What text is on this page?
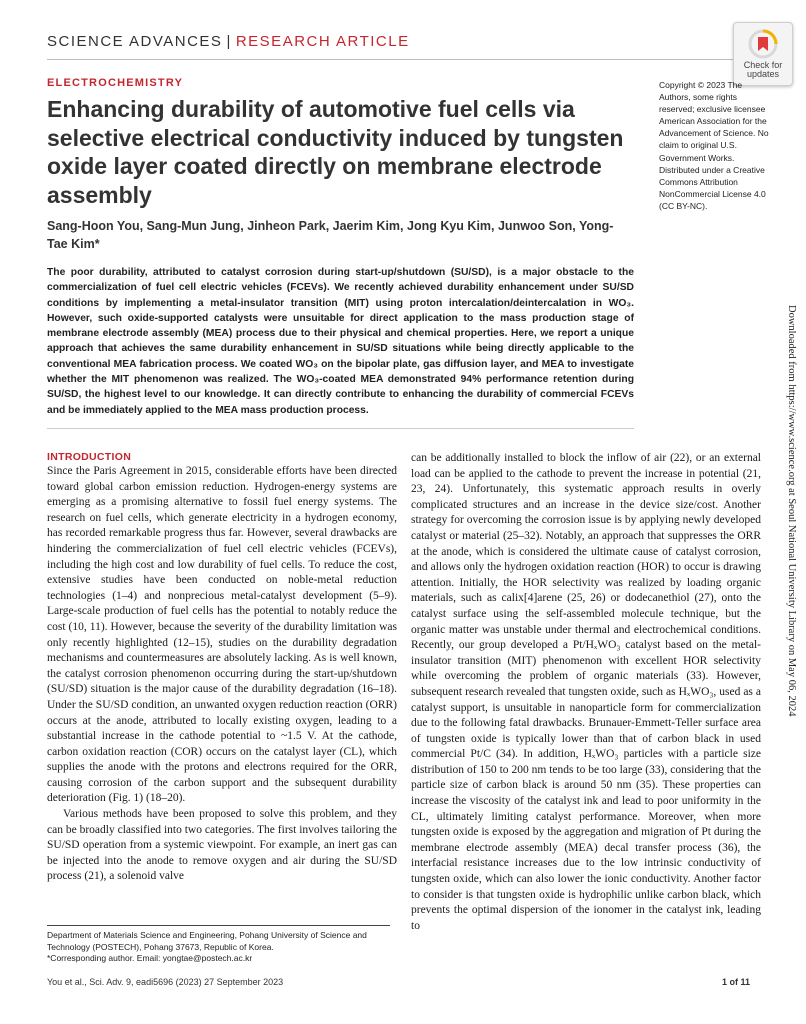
SCIENCE ADVANCES | RESEARCH ARTICLE
Check for
updates
ELECTROCHEMISTRY
Enhancing durability of automotive fuel cells via selective electrical conductivity induced by tungsten oxide layer coated directly on membrane electrode assembly
Sang-Hoon You, Sang-Mun Jung, Jinheon Park, Jaerim Kim, Jong Kyu Kim, Junwoo Son, Yong-Tae Kim*
Copyright © 2023 The Authors, some rights reserved; exclusive licensee American Association for the Advancement of Science. No claim to original U.S. Government Works. Distributed under a Creative Commons Attribution NonCommercial License 4.0 (CC BY-NC).
The poor durability, attributed to catalyst corrosion during start-up/shutdown (SU/SD), is a major obstacle to the commercialization of fuel cell electric vehicles (FCEVs). We recently achieved durability enhancement under SU/SD conditions by implementing a metal-insulator transition (MIT) using proton intercalation/deintercalation in WO₃. However, such oxide-supported catalysts were unsuitable for direct application to the mass production stage of membrane electrode assembly (MEA) process due to their physical and chemical properties. Here, we report a unique approach that achieves the same durability enhancement in SU/SD situations while being directly applicable to the conventional MEA fabrication process. We coated WO₃ on the bipolar plate, gas diffusion layer, and MEA to investigate whether the MIT phenomenon was realized. The WO₃-coated MEA demonstrated 94% performance retention during SU/SD, the highest level to our knowledge. It can directly contribute to enhancing the durability of commercial FCEVs and be immediately applied to the MEA mass production process.	Downloaded from https://www.science.org at Seoul National University Library on May 06, 2024
INTRODUCTION

Since the Paris Agreement in 2015, considerable efforts have been directed toward global carbon emission reduction. Hydrogen-energy systems are emerging as a promising alternative to fossil fuel energy systems. The research on fuel cells, which generate electricity in a hydrogen economy, has recorded remarkable progress thus far. However, several drawbacks are hindering the commercialization of fuel cell electric vehicles (FCEVs), including the high cost and low durability of fuel cells. To reduce the cost, extensive studies have been conducted on noble-metal reduction technologies (1–4) and nonprecious metal-catalyst development (5–9). Large-scale production of fuel cells has the potential to notably reduce the cost (10, 11). However, because the severity of the durability limitation was only recently highlighted (12–15), studies on the durability degradation mechanisms and countermeasures are absolutely lacking. As is well known, the catalyst corrosion phenomenon occurring during the start-up/shutdown (SU/SD) situation is the major cause of the durability degradation (16–18). Under the SU/SD condition, an unwanted oxygen reduction reaction (ORR) occurs at the anode, attributed to locally existing oxygen, leading to a substantial increase in the cathode potential to ~1.5 V. At the cathode, carbon oxidation reaction (COR) occurs on the catalyst layer (CL), which supplies the anode with the protons and electrons required for the ORR, causing corrosion of the carbon support and the subsequent durability deterioration (Fig. 1) (18–20).

Various methods have been proposed to solve this problem, and they can be broadly classified into two categories. The first involves tailoring the SU/SD operation from a systemic viewpoint. For example, an inert gas can be injected into the anode to remove oxygen and air during the SU/SD process (21), a solenoid valve

can be additionally installed to block the inflow of air (22), or an external load can be applied to the cathode to prevent the increase in potential (21, 23, 24). Unfortunately, this systematic approach results in overly complicated structures and an increase in the device size/cost. Another strategy for overcoming the corrosion issue is by applying newly developed catalyst or material (25–32). Notably, an approach that suppresses the ORR at the anode, which is considered the ultimate cause of catalyst corrosion, and allows only the hydrogen oxidation reaction (HOR) to occur is drawing attention. Initially, the HOR selectivity was realized by loading organic materials, such as calix[4]arene (25, 26) or dodecanethiol (27), onto the catalyst surface using the self-assembled molecule technique, but the organic matter was unstable under thermal and electrochemical conditions. Recently, our group developed a Pt/HₓWO₃ catalyst based on the metal-insulator transition (MIT) phenomenon with excellent HOR selectivity while overcoming the problem of organic materials (33). However, subsequent research revealed that tungsten oxide, such as HₓWO₃, used as a catalyst support, is unsuitable in nanoparticle form for commercialization due to the following fatal drawbacks. Brunauer-Emmett-Teller surface area of tungsten oxide is typically lower than that of carbon black in used commercial Pt/C (34). In addition, HₓWO₃ particles with a particle size distribution of 150 to 200 nm tends to be too large (33), considering that the particle size of carbon black is around 50 nm (35). These properties can increase the viscosity of the catalyst ink and lead to poor uniformity in the CL, ultimately limiting catalyst performance. Moreover, when more tungsten oxide is exposed by the aggregation and migration of Pt during the membrane electrode assembly (MEA) decal transfer process (36), the interfacial resistance increases due to the low intrinsic conductivity of tungsten oxide, which can also lower the ionic conductivity. Another factor to consider is that tungsten oxide is hydrophilic unlike carbon black, which prevents the optimal dispersion of the ionomer in the catalyst ink, leading to

Department of Materials Science and Engineering, Pohang University of Science and Technology (POSTECH), Pohang 37673, Republic of Korea.
*Corresponding author. Email: yongtae@postech.ac.kr
You et al., Sci. Adv. 9, eadi5696 (2023) 27 September 2023	1 of 11
